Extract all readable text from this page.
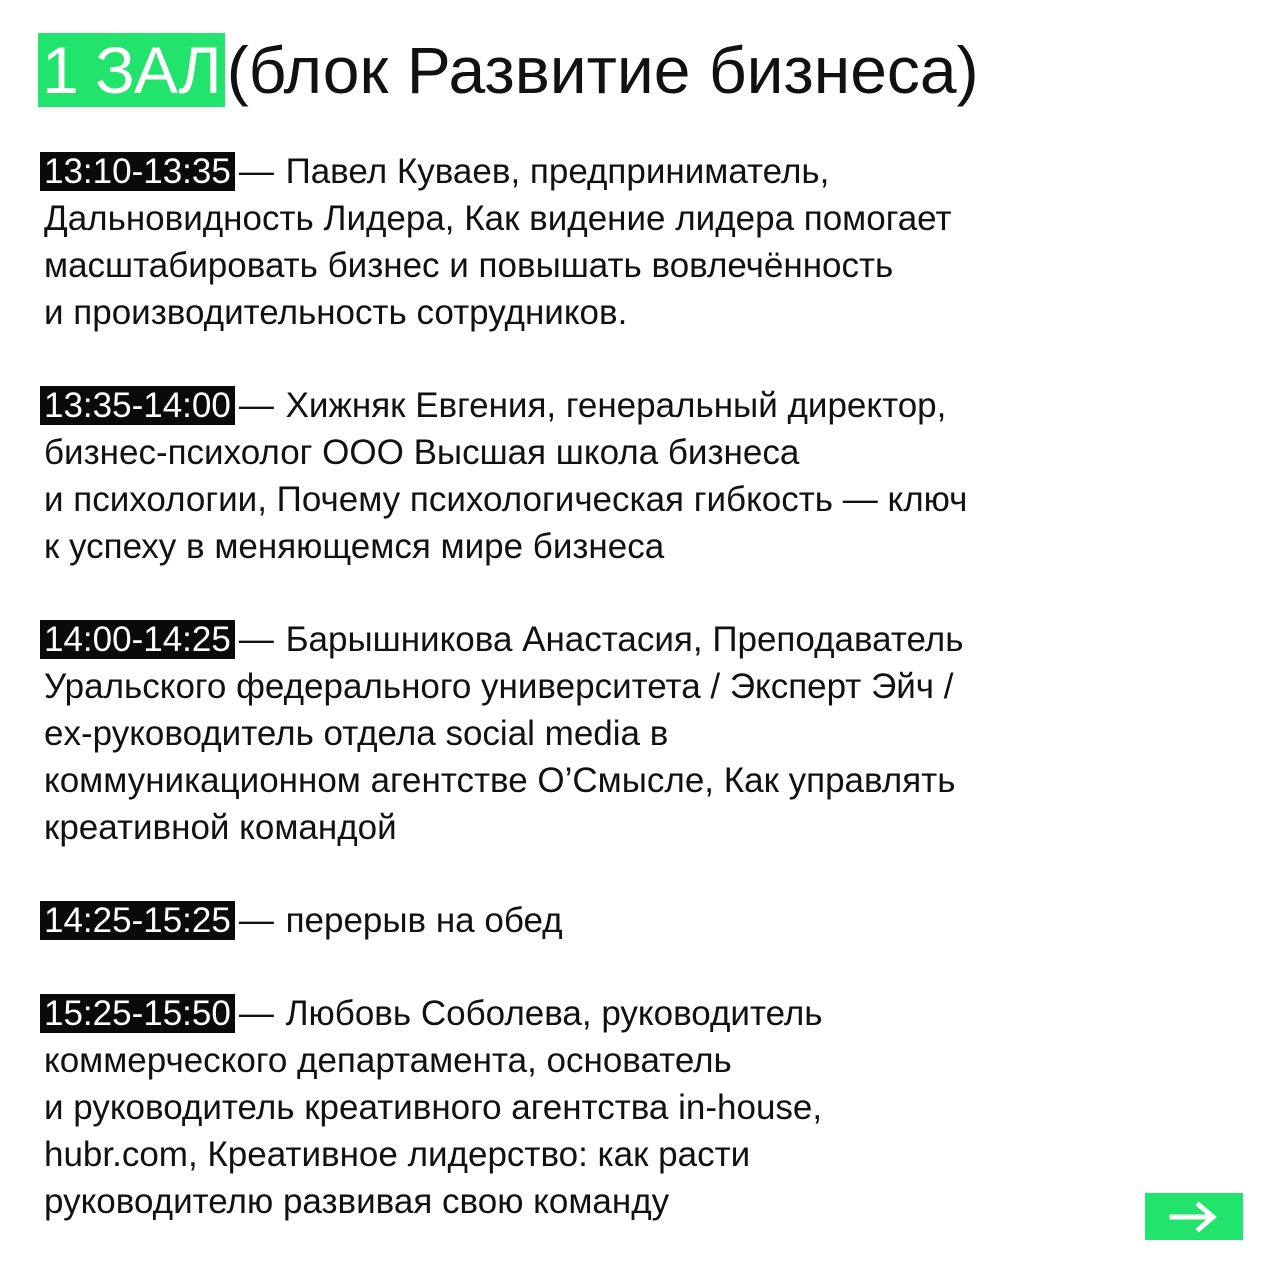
1 ЗАЛ(блок Развитие бизнеса)
13:10-13:35 — Павел Куваев, предприниматель,
Дальновидность Лидера, Как видение лидера помогает
масштабировать бизнес и повышать вовлечённость
и производительность сотрудников.
13:35-14:00 — Хижняк Евгения, генеральный директор,
бизнес-психолог ООО Высшая школа бизнеса
и психологии, Почему психологическая гибкость — ключ
к успеху в меняющемся мире бизнеса
14:00-14:25 — Барышникова Анастасия, Преподаватель
Уральского федерального университета / Эксперт Эйч /
ex-руководитель отдела social media в
коммуникационном агентстве О’Смысле, Как управлять
креативной командой
14:25-15:25 — перерыв на обед
15:25-15:50 — Любовь Соболева, руководитель
коммерческого департамента, основатель
и руководитель креативного агентства in-house,
hubr.com, Креативное лидерство: как расти
руководителю развивая свою команду
